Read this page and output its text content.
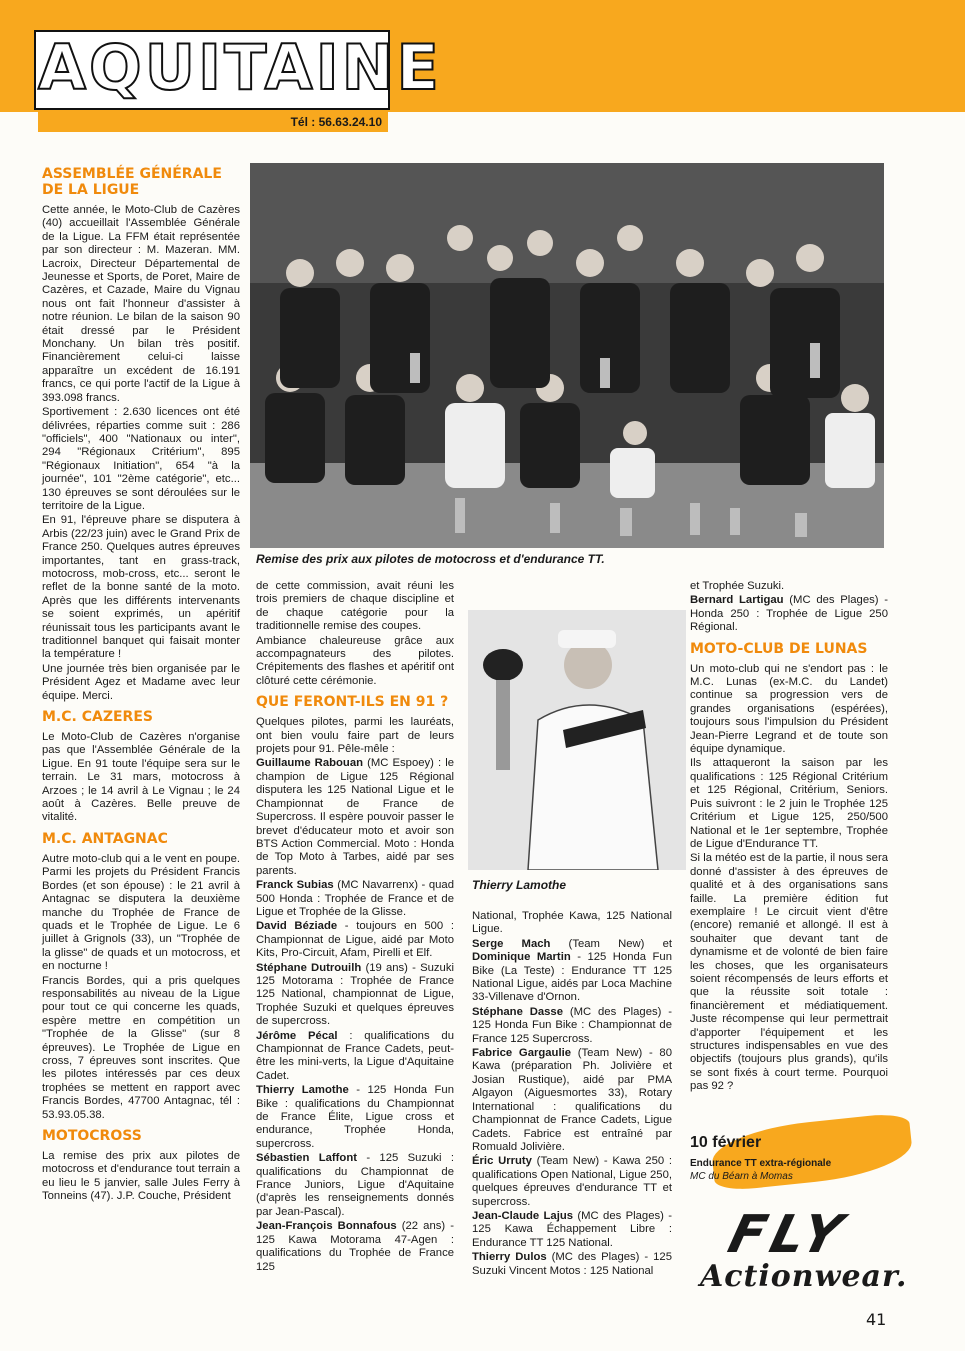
AQUITAINE
Tél : 56.63.24.10
ASSEMBLÉE GÉNÉRALE DE LA LIGUE

Cette année, le Moto-Club de Cazères (40) accueillait l'Assemblée Générale de la Ligue. La FFM était représentée par son directeur : M. Mazeran. MM. Lacroix, Directeur Départemental de Jeunesse et Sports, de Poret, Maire de Cazères, et Cazade, Maire du Vignau nous ont fait l'honneur d'assister à notre réunion. Le bilan de la saison 90 était dressé par le Président Monchany. Un bilan très positif. Financièrement celui-ci laisse apparaître un excédent de 16.191 francs, ce qui porte l'actif de la Ligue à 393.098 francs.

Sportivement : 2.630 licences ont été délivrées, réparties comme suit : 286 "officiels", 400 "Nationaux ou inter", 294 "Régionaux Critérium", 895 "Régionaux Initiation", 654 "à la journée", 101 "2ème catégorie", etc... 130 épreuves se sont déroulées sur le territoire de la Ligue.

En 91, l'épreuve phare se disputera à Arbis (22/23 juin) avec le Grand Prix de France 250. Quelques autres épreuves importantes, tant en grass-track, motocross, mob-cross, etc... seront le reflet de la bonne santé de la moto. Après que les différents intervenants se soient exprimés, un apéritif réunissait tous les participants avant le traditionnel banquet qui faisait monter la température !

Une journée très bien organisée par le Président Agez et Madame avec leur équipe. Merci.

M.C. CAZERES

Le Moto-Club de Cazères n'organise pas que l'Assemblée Générale de la Ligue. En 91 toute l'équipe sera sur le terrain. Le 31 mars, motocross à Arzoes ; le 14 avril à Le Vignau ; le 24 août à Cazères. Belle preuve de vitalité.

M.C. ANTAGNAC

Autre moto-club qui a le vent en poupe. Parmi les projets du Président Francis Bordes (et son épouse) : le 21 avril à Antagnac se disputera la deuxième manche du Trophée de France de quads et le Trophée de Ligue. Le 6 juillet à Grignols (33), un "Trophée de la glisse" de quads et un motocross, et en nocturne !

Francis Bordes, qui a pris quelques responsabilités au niveau de la Ligue pour tout ce qui concerne les quads, espère mettre en compétition un "Trophée de la Glisse" (sur 8 épreuves). Le Trophée de Ligue en cross, 7 épreuves sont inscrites. Que les pilotes intéressés par ces deux trophées se mettent en rapport avec Francis Bordes, 47700 Antagnac, tél : 53.93.05.38.

MOTOCROSS

La remise des prix aux pilotes de motocross et d'endurance tout terrain a eu lieu le 5 janvier, salle Jules Ferry à Tonneins (47). J.P. Couche, Président

Remise des prix aux pilotes de motocross et d'endurance TT.

de cette commission, avait réuni les trois premiers de chaque discipline et de chaque catégorie pour la traditionnelle remise des coupes.

Ambiance chaleureuse grâce aux accompagnateurs des pilotes. Crépitements des flashes et apéritif ont clôturé cette cérémonie.

QUE FERONT-ILS EN 91 ?

Quelques pilotes, parmi les lauréats, ont bien voulu faire part de leurs projets pour 91. Pêle-mêle :

Guillaume Rabouan (MC Espoey) : le champion de Ligue 125 Régional disputera les 125 National Ligue et le Championnat de France de Supercross. Il espère pouvoir passer le brevet d'éducateur moto et avoir son BTS Action Commercial. Moto : Honda de Top Moto à Tarbes, aidé par ses parents.

Franck Subias (MC Navarrenx) - quad 500 Honda : Trophée de France et de Ligue et Trophée de la Glisse.

David Béziade - toujours en 500 : Championnat de Ligue, aidé par Moto Kits, Pro-Circuit, Afam, Pirelli et Elf.

Stéphane Dutrouilh (19 ans) - Suzuki 125 Motorama : Trophée de France 125 National, championnat de Ligue, Trophée Suzuki et quelques épreuves de supercross.

Jérôme Pécal : qualifications du Championnat de France Cadets, peut-être les mini-verts, la Ligue d'Aquitaine Cadet.

Thierry Lamothe - 125 Honda Fun Bike : qualifications du Championnat de France Élite, Ligue cross et endurance, Trophée Honda, supercross.

Sébastien Laffont - 125 Suzuki : qualifications du Championnat de France Juniors, Ligue d'Aquitaine (d'après les renseignements donnés par Jean-Pascal).

Jean-François Bonnafous (22 ans) - 125 Kawa Motorama 47-Agen : qualifications du Trophée de France 125

Thierry Lamothe

National, Trophée Kawa, 125 National Ligue.

Serge Mach (Team New) et Dominique Martin - 125 Honda Fun Bike (La Teste) : Endurance TT 125 National Ligue, aidés par Loca Machine 33-Villenave d'Ornon.

Stéphane Dasse (MC des Plages) - 125 Honda Fun Bike : Championnat de France 125 Supercross.

Fabrice Gargaulie (Team New) - 80 Kawa (préparation Ph. Jolivière et Josian Rustique), aidé par PMA Algayon (Aiguesmortes 33), Rotary International : qualifications du Championnat de France Cadets, Ligue Cadets. Fabrice est entraîné par Romuald Jolivière.

Éric Urruty (Team New) - Kawa 250 : qualifications Open National, Ligue 250, quelques épreuves d'endurance TT et supercross.

Jean-Claude Lajus (MC des Plages) - 125 Kawa Échappement Libre : Endurance TT 125 National.

Thierry Dulos (MC des Plages) - 125 Suzuki Vincent Motos : 125 National

et Trophée Suzuki.

Bernard Lartigau (MC des Plages) - Honda 250 : Trophée de Ligue 250 Régional.

MOTO-CLUB DE LUNAS

Un moto-club qui ne s'endort pas : le M.C. Lunas (ex-M.C. du Landet) continue sa progression vers de grandes organisations (espérées), toujours sous l'impulsion du Président Jean-Pierre Legrand et de toute son équipe dynamique.

Ils attaqueront la saison par les qualifications : 125 Régional Critérium et 125 Régional, Critérium, Seniors. Puis suivront : le 2 juin le Trophée 125 Critérium et Ligue 125, 250/500 National et le 1er septembre, Trophée de Ligue d'Endurance TT.

Si la météo est de la partie, il nous sera donné d'assister à des épreuves de qualité et à des organisations sans faille. La première édition fut exemplaire ! Le circuit vient d'être (encore) remanié et allongé. Il est à souhaiter que devant tant de dynamisme et de volonté de bien faire les choses, que les organisateurs soient récompensés de leurs efforts et que la réussite soit totale : financièrement et médiatiquement. Juste récompense qui leur permettrait d'apporter l'équipement et les structures indispensables en vue des objectifs (toujours plus grands), qu'ils se sont fixés à court terme. Pourquoi pas 92 ?

10 février
Endurance TT extra-régionale
MC du Béarn à Momas
FLY
Actionwear.
41
